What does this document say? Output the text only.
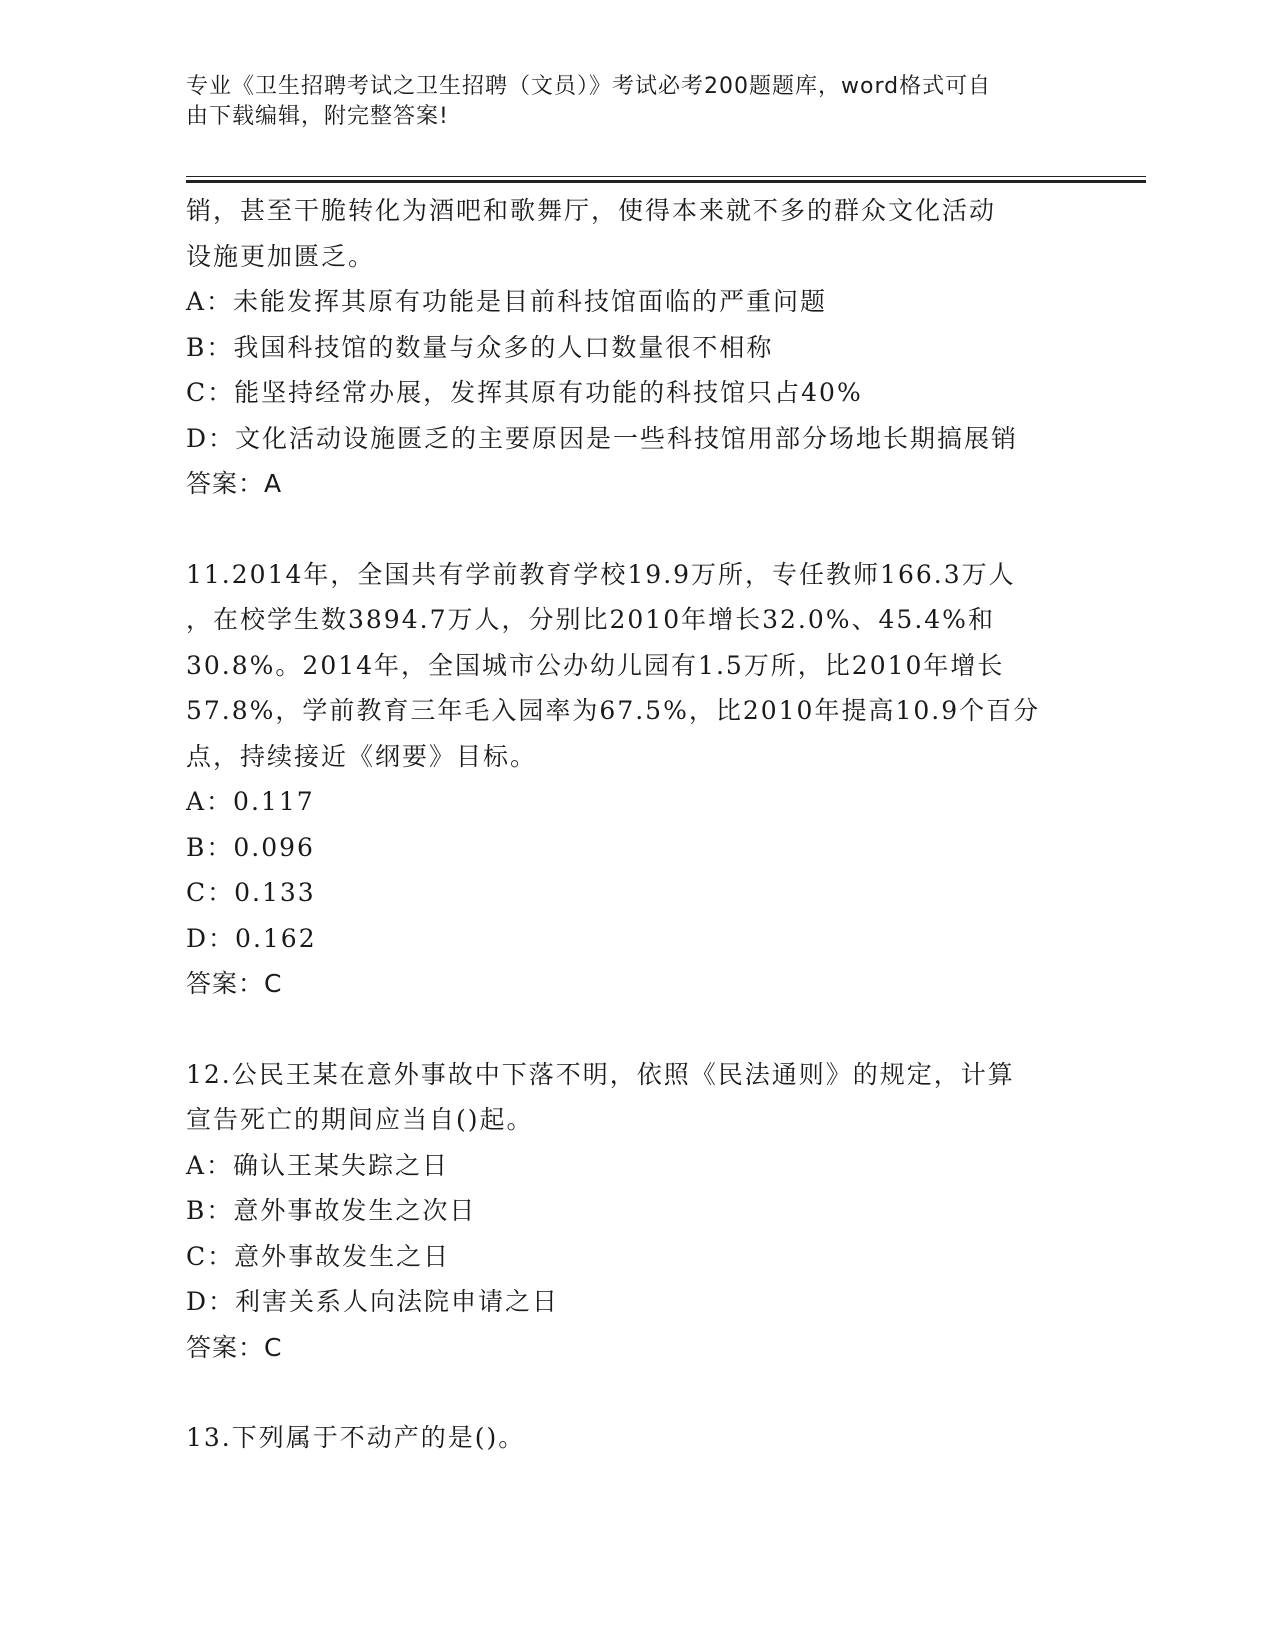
专业《卫生招聘考试之卫生招聘（文员）》考试必考200题题库，word格式可自
由下载编辑，附完整答案!
销，甚至干脆转化为酒吧和歌舞厅，使得本来就不多的群众文化活动
设施更加匮乏。
A：未能发挥其原有功能是目前科技馆面临的严重问题
B：我国科技馆的数量与众多的人口数量很不相称
C：能坚持经常办展，发挥其原有功能的科技馆只占40%
D：文化活动设施匮乏的主要原因是一些科技馆用部分场地长期搞展销
答案：A
11.2014年，全国共有学前教育学校19.9万所，专任教师166.3万人
，在校学生数3894.7万人，分别比2010年增长32.0%、45.4%和
30.8%。2014年，全国城市公办幼儿园有1.5万所，比2010年增长
57.8%，学前教育三年毛入园率为67.5%，比2010年提高10.9个百分
点，持续接近《纲要》目标。
A：0.117
B：0.096
C：0.133
D：0.162
答案：C
12.公民王某在意外事故中下落不明，依照《民法通则》的规定，计算
宣告死亡的期间应当自()起。
A：确认王某失踪之日
B：意外事故发生之次日
C：意外事故发生之日
D：利害关系人向法院申请之日
答案：C
13.下列属于不动产的是()。
